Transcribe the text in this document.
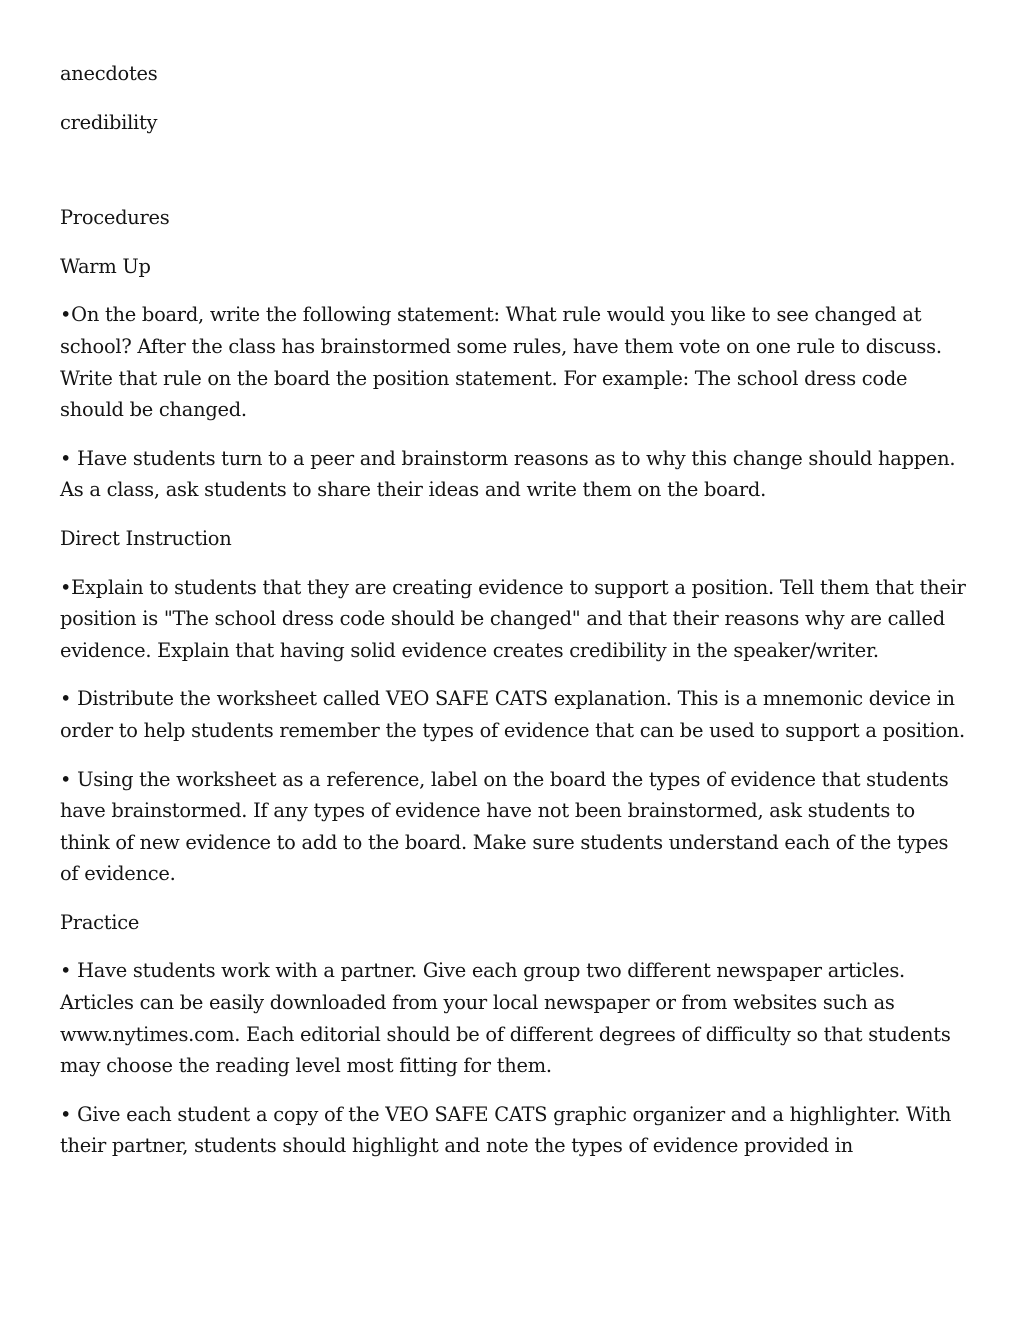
anecdotes

credibility

Procedures

Warm Up

•On the board, write the following statement: What rule would you like to see changed at school? After the class has brainstormed some rules, have them vote on one rule to discuss. Write that rule on the board the position statement. For example: The school dress code should be changed.

• Have students turn to a peer and brainstorm reasons as to why this change should happen. As a class, ask students to share their ideas and write them on the board.

Direct Instruction

•Explain to students that they are creating evidence to support a position. Tell them that their position is "The school dress code should be changed" and that their reasons why are called evidence. Explain that having solid evidence creates credibility in the speaker/writer.

• Distribute the worksheet called VEO SAFE CATS explanation. This is a mnemonic device in order to help students remember the types of evidence that can be used to support a position.

• Using the worksheet as a reference, label on the board the types of evidence that students have brainstormed. If any types of evidence have not been brainstormed, ask students to think of new evidence to add to the board. Make sure students understand each of the types of evidence.

Practice

• Have students work with a partner. Give each group two different newspaper articles. Articles can be easily downloaded from your local newspaper or from websites such as www.nytimes.com. Each editorial should be of different degrees of difficulty so that students may choose the reading level most fitting for them.

• Give each student a copy of the VEO SAFE CATS graphic organizer and a highlighter. With their partner, students should highlight and note the types of evidence provided in
